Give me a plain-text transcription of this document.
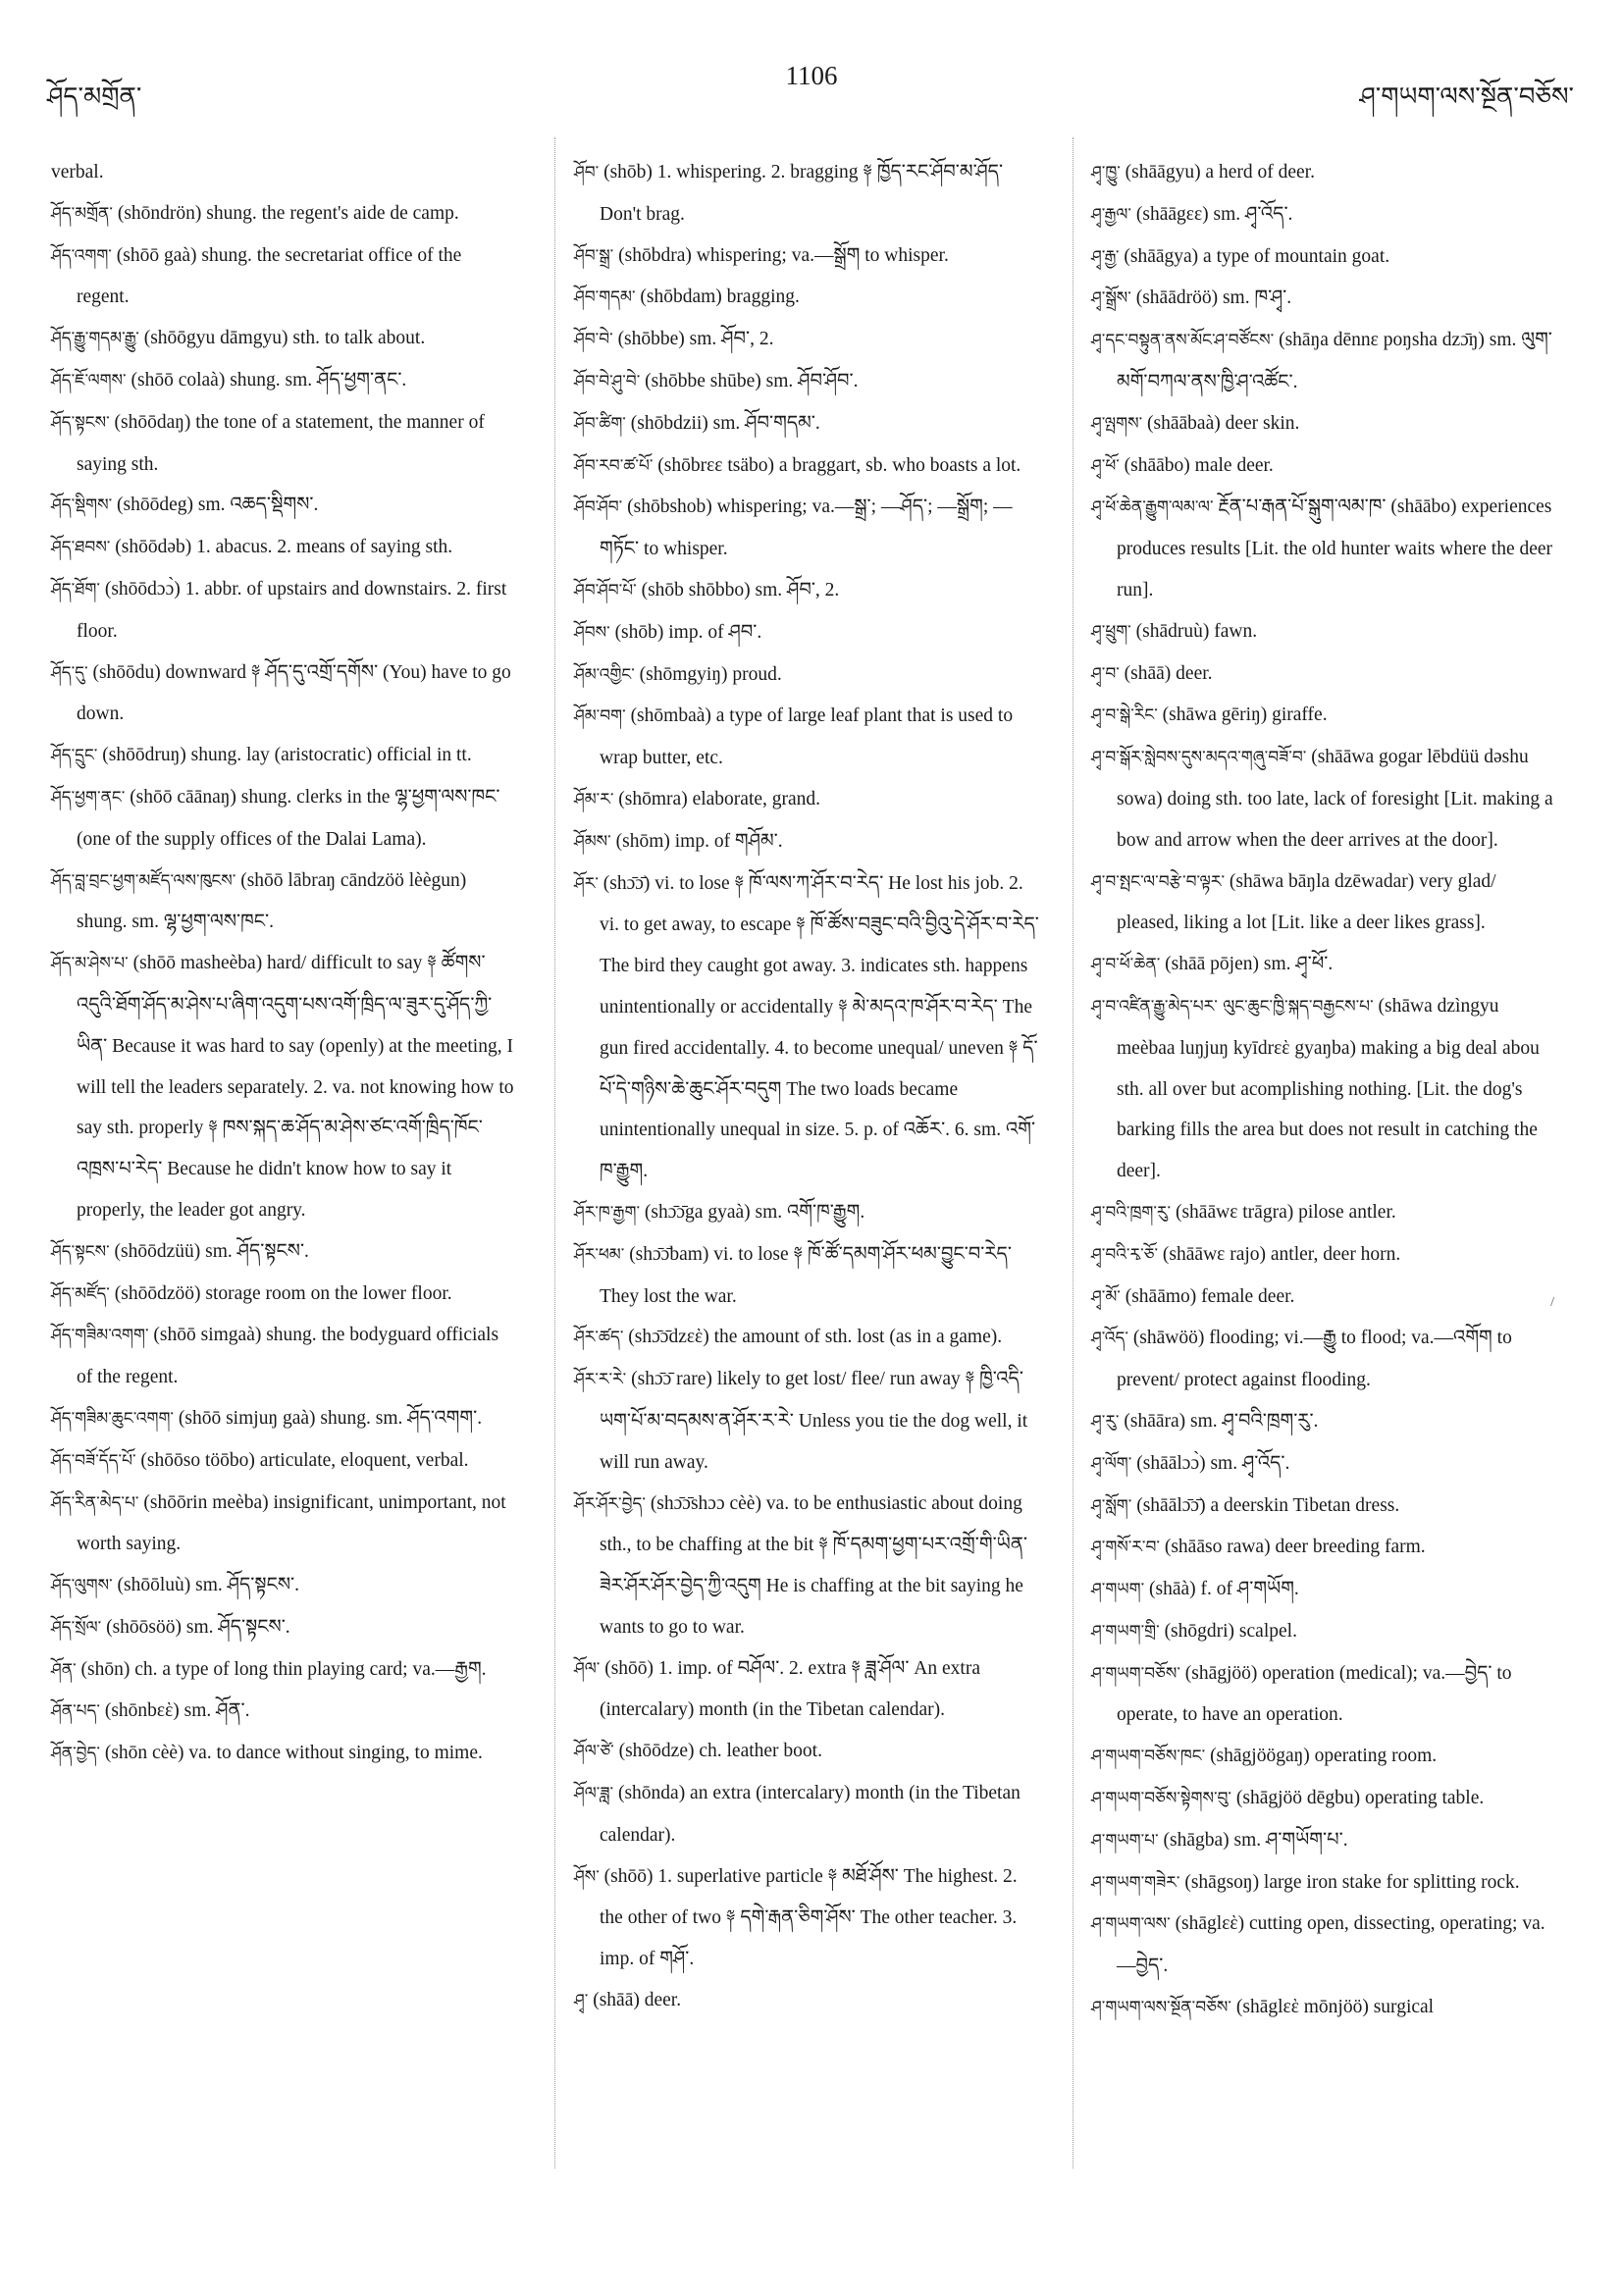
ཤོད་མགྲོན་
1106
ཤ་གཡག་ལས་སྔོན་བཅོས་

verbal.

ཤོད་མགྲོན་ (shōndrön) shung. the regent's aide de camp.

ཤོད་འགག་ (shōō gaà) shung. the secretariat office of the regent.

ཤོད་རྒྱུ་གདམ་རྒྱུ་ (shōōgyu dāmgyu) sth. to talk about.

ཤོད་ཇོ་ལགས་ (shōō colaà) shung. sm. ཤོད་ཕྱག་ནང་.

ཤོད་སྟངས་ (shōōdaŋ) the tone of a statement, the manner of saying sth.

ཤོད་སྡིགས་ (shōōdeg) sm. འཆད་སྡིགས་.

ཤོད་ཐབས་ (shōōdəb) 1. abacus. 2. means of saying sth.

ཤོད་ཐོག་ (shōōdɔɔ̀) 1. abbr. of upstairs and downstairs. 2. first floor.

ཤོད་དུ་ (shōōdu) downward ༈ ཤོད་དུ་འགྲོ་དགོས་ (You) have to go down.

ཤོད་དྲུང་ (shōōdruŋ) shung. lay (aristocratic) official in tt.

ཤོད་ཕྱག་ནང་ (shōō cāānaŋ) shung. clerks in the ལྷ་ཕྱག་ལས་ཁང་ (one of the supply offices of the Dalai Lama).

ཤོད་བླ་བྲང་ཕྱག་མཛོད་ལས་ཁུངས་ (shōō lābraŋ cāndzöö lèègun) shung. sm. ལྷ་ཕྱག་ལས་ཁང་.

ཤོད་མ་ཤེས་པ་ (shōō masheèba) hard/ difficult to say ༈ ཚོགས་འདུའི་ཐོག་ཤོད་མ་ཤེས་པ་ཞིག་འདུག་པས་འགོ་ཁྲིད་ལ་ཟུར་དུ་ཤོད་ཀྱི་ཡིན་ Because it was hard to say (openly) at the meeting, I will tell the leaders separately. 2. va. not knowing how to say sth. properly ༈ ཁས་སྐད་ཆ་ཤོད་མ་ཤེས་ཙང་འགོ་ཁྲིད་ཁོང་འཁྲས་པ་རེད་ Because he didn't know how to say it properly, the leader got angry.

ཤོད་སྟངས་ (shōōdzüü) sm. ཤོད་སྟངས་.

ཤོད་མཛོད་ (shōōdzöö) storage room on the lower floor.

ཤོད་གཟིམ་འགག་ (shōō simgaà) shung. the bodyguard officials of the regent.

ཤོད་གཟིམ་ཆུང་འགག་ (shōō simjuŋ gaà) shung. sm. ཤོད་འགག་.

ཤོད་བཟོ་དོད་པོ་ (shōōso töōbo) articulate, eloquent, verbal.

ཤོད་རིན་མེད་པ་ (shōōrin meèba) insignificant, unimportant, not worth saying.

ཤོད་ལུགས་ (shōōluù) sm. ཤོད་སྟངས་.

ཤོད་སྲོལ་ (shōōsöö) sm. ཤོད་སྟངས་.

ཤོན་ (shōn) ch. a type of long thin playing card; va.—རྒྱག.

ཤོན་པད་ (shōnbεὲ) sm. ཤོན་.

ཤོན་བྱེད་ (shōn cèè) va. to dance without singing, to mime.

ཤོབ་ (shōb) 1. whispering. 2. bragging ༈ ཁྱོད་རང་ཤོབ་མ་ཤོད་ Don't brag.

ཤོབ་སྒྲ་ (shōbdra) whispering; va.—སྒྲོག to whisper.

ཤོབ་གདམ་ (shōbdam) bragging.

ཤོབ་བེ་ (shōbbe) sm. ཤོབ་, 2.

ཤོབ་བེ་ཤུ་བེ་ (shōbbe shūbe) sm. ཤོབ་ཤོབ་.

ཤོབ་ཚིག་ (shōbdzii) sm. ཤོབ་གདམ་.

ཤོབ་རབ་ཚ་པོ་ (shōbrεε tsäbo) a braggart, sb. who boasts a lot.

ཤོབ་ཤོབ་ (shōbshob) whispering; va.—སྒྲ་; —ཤོད་; —སྒྲོག; —གཏོང་ to whisper.

ཤོབ་ཤོབ་པོ་ (shōb shōbbo) sm. ཤོབ་, 2.

ཤོབས་ (shōb) imp. of ཤབ་.

ཤོམ་འགྱིང་ (shōmgyiŋ) proud.

ཤོམ་བག་ (shōmbaà) a type of large leaf plant that is used to wrap butter, etc.

ཤོམ་ར་ (shōmra) elaborate, grand.

ཤོམས་ (shōm) imp. of གཤོམ་.

ཤོར་ (shɔ̄ɔ̄) vi. to lose ༈ ཁོ་ལས་ཀ་ཤོར་བ་རེད་ He lost his job. 2. vi. to get away, to escape ༈ ཁོ་ཚོས་བཟུང་བའི་བྱིའུ་དེ་ཤོར་བ་རེད་ The bird they caught got away. 3. indicates sth. happens unintentionally or accidentally ༈ མེ་མདའ་ཁ་ཤོར་བ་རེད་ The gun fired accidentally. 4. to become unequal/ uneven ༈ དོ་པོ་དེ་གཉིས་ཆེ་ཆུང་ཤོར་བདུག The two loads became unintentionally unequal in size. 5. p. of འཆོར་. 6. sm. འགོ་ཁ་རྒྱུག.

ཤོར་ཁ་རྒྱག་ (shɔ̄ɔ̄ga gyaà) sm. འགོ་ཁ་རྒྱུག.

ཤོར་ཕམ་ (shɔ̄ɔ̄bam) vi. to lose ༈ ཁོ་ཚོ་དམག་ཤོར་ཕམ་བྱུང་བ་རེད་ They lost the war.

ཤོར་ཚད་ (shɔ̄ɔ̄dzεὲ) the amount of sth. lost (as in a game).

ཤོར་ར་རེ་ (shɔ̄ɔ̄ rare) likely to get lost/ flee/ run away ༈ ཁྱི་འདི་ཡག་པོ་མ་བདམས་ན་ཤོར་ར་རེ་ Unless you tie the dog well, it will run away.

ཤོར་ཤོར་བྱེད་ (shɔ̄ɔ̄shɔɔ cèè) va. to be enthusiastic about doing sth., to be chaffing at the bit ༈ ཁོ་དམག་ཕྱག་པར་འགྲོ་གི་ཡིན་ཟེར་ཤོར་ཤོར་བྱེད་ཀྱི་འདུག He is chaffing at the bit saying he wants to go to war.

ཤོལ་ (shōō) 1. imp. of བཤོལ་. 2. extra ༈ ཟླ་ཤོལ་ An extra (intercalary) month (in the Tibetan calendar).

ཤོལ་ཙེ་ (shōōdze) ch. leather boot.

ཤོལ་ཟླ་ (shōnda) an extra (intercalary) month (in the Tibetan calendar).

ཤོས་ (shōō) 1. superlative particle ༈ མཐོ་ཤོས་ The highest. 2. the other of two ༈ དགེ་རྒན་ཅིག་ཤོས་ The other teacher. 3. imp. of གཤོ་.

ཤྭ་ (shāā) deer.

ཤྭ་ཁྱུ་ (shāāgyu) a herd of deer.

ཤྭ་རྒྱལ་ (shāāgεε) sm. ཤྭ་འོད་.

ཤྭ་རྒྱ་ (shāāgya) a type of mountain goat.

ཤྭ་སྒྲོས་ (shāādröö) sm. ཁ་ཤྭ་.

ཤྭ་དང་བསྟུན་ནས་མོང་ཤ་བཙོངས་ (shāŋa dēnnε poŋsha dzɔ̄ŋ) sm. ལུག་མགོ་བཀལ་ནས་ཁྱི་ཤ་འཚོང་.

ཤྭ་ལྤགས་ (shāābaà) deer skin.

ཤྭ་ཕོ་ (shāābo) male deer.

ཤྭ་ཕོ་ཆེན་རྒྱུག་ལམ་ལ་ རྔོན་པ་རྒན་པོ་སྒུག་ལམ་ཁ་ (shāābo) experiences produces results [Lit. the old hunter waits where the deer run].

ཤྭ་ཕྲུག་ (shādruù) fawn.

ཤྭ་བ་ (shāā) deer.

ཤྭ་བ་སྒེ་རིང་ (shāwa gēriŋ) giraffe.

ཤྭ་བ་སྒོར་སླེབས་དུས་མདའ་གཞུ་བཟོ་བ་ (shāāwa gogar lēbdüü dəshu sowa) doing sth. too late, lack of foresight [Lit. making a bow and arrow when the deer arrives at the door].

ཤྭ་བ་སྤང་ལ་བརྩེ་བ་ལྟར་ (shāwa bāŋla dzēwadar) very glad/ pleased, liking a lot [Lit. like a deer likes grass].

ཤྭ་བ་ཕོ་ཆེན་ (shāā pōjen) sm. ཤྭ་ཕོ་.

ཤྭ་བ་འཛིན་རྒྱུ་མེད་པར་ ལུང་ཆུང་ཁྱི་སྐད་བརྒྱངས་པ་ (shāwa dzìngyu meèbaa luŋjuŋ kyīdrεὲ gyaŋba) making a big deal abou sth. all over but acomplishing nothing. [Lit. the dog's barking fills the area but does not result in catching the deer].

ཤྭ་བའི་ཁྲག་རུ་ (shāāwε trāgra) pilose antler.

ཤྭ་བའི་རྭ་ཅོ་ (shāāwε rajo) antler, deer horn.

ཤྭ་མོ་ (shāāmo) female deer.

ཤྭ་འོད་ (shāwöö) flooding; vi.—རྒྱུ to flood; va.—འགོག to prevent/ protect against flooding.

ཤྭ་རུ་ (shāāra) sm. ཤྭ་བའི་ཁྲག་རུ་.

ཤྭ་ལོག་ (shāālɔɔ̀) sm. ཤྭ་འོད་.

ཤྭ་སློག་ (shāālɔ̄ɔ̄) a deerskin Tibetan dress.

ཤྭ་གསོ་ར་བ་ (shāāso rawa) deer breeding farm.

ཤ་གཡག་ (shāà) f. of ཤ་གཡོག.

ཤ་གཡག་གྲི་ (shōgdri) scalpel.

ཤ་གཡག་བཅོས་ (shāgjöö) operation (medical); va.—བྱེད་ to operate, to have an operation.

ཤ་གཡག་བཅོས་ཁང་ (shāgjöögaŋ) operating room.

ཤ་གཡག་བཅོས་སྟེགས་བུ་ (shāgjöö dēgbu) operating table.

ཤ་གཡག་པ་ (shāgba) sm. ཤ་གཡོག་པ་.

ཤ་གཡག་གཟེར་ (shāgsoŋ) large iron stake for splitting rock.

ཤ་གཡག་ལས་ (shāglεὲ) cutting open, dissecting, operating; va.—བྱེད་.

ཤ་གཡག་ལས་སྔོན་བཅོས་ (shāglεὲ mōnjöö) surgical

/
